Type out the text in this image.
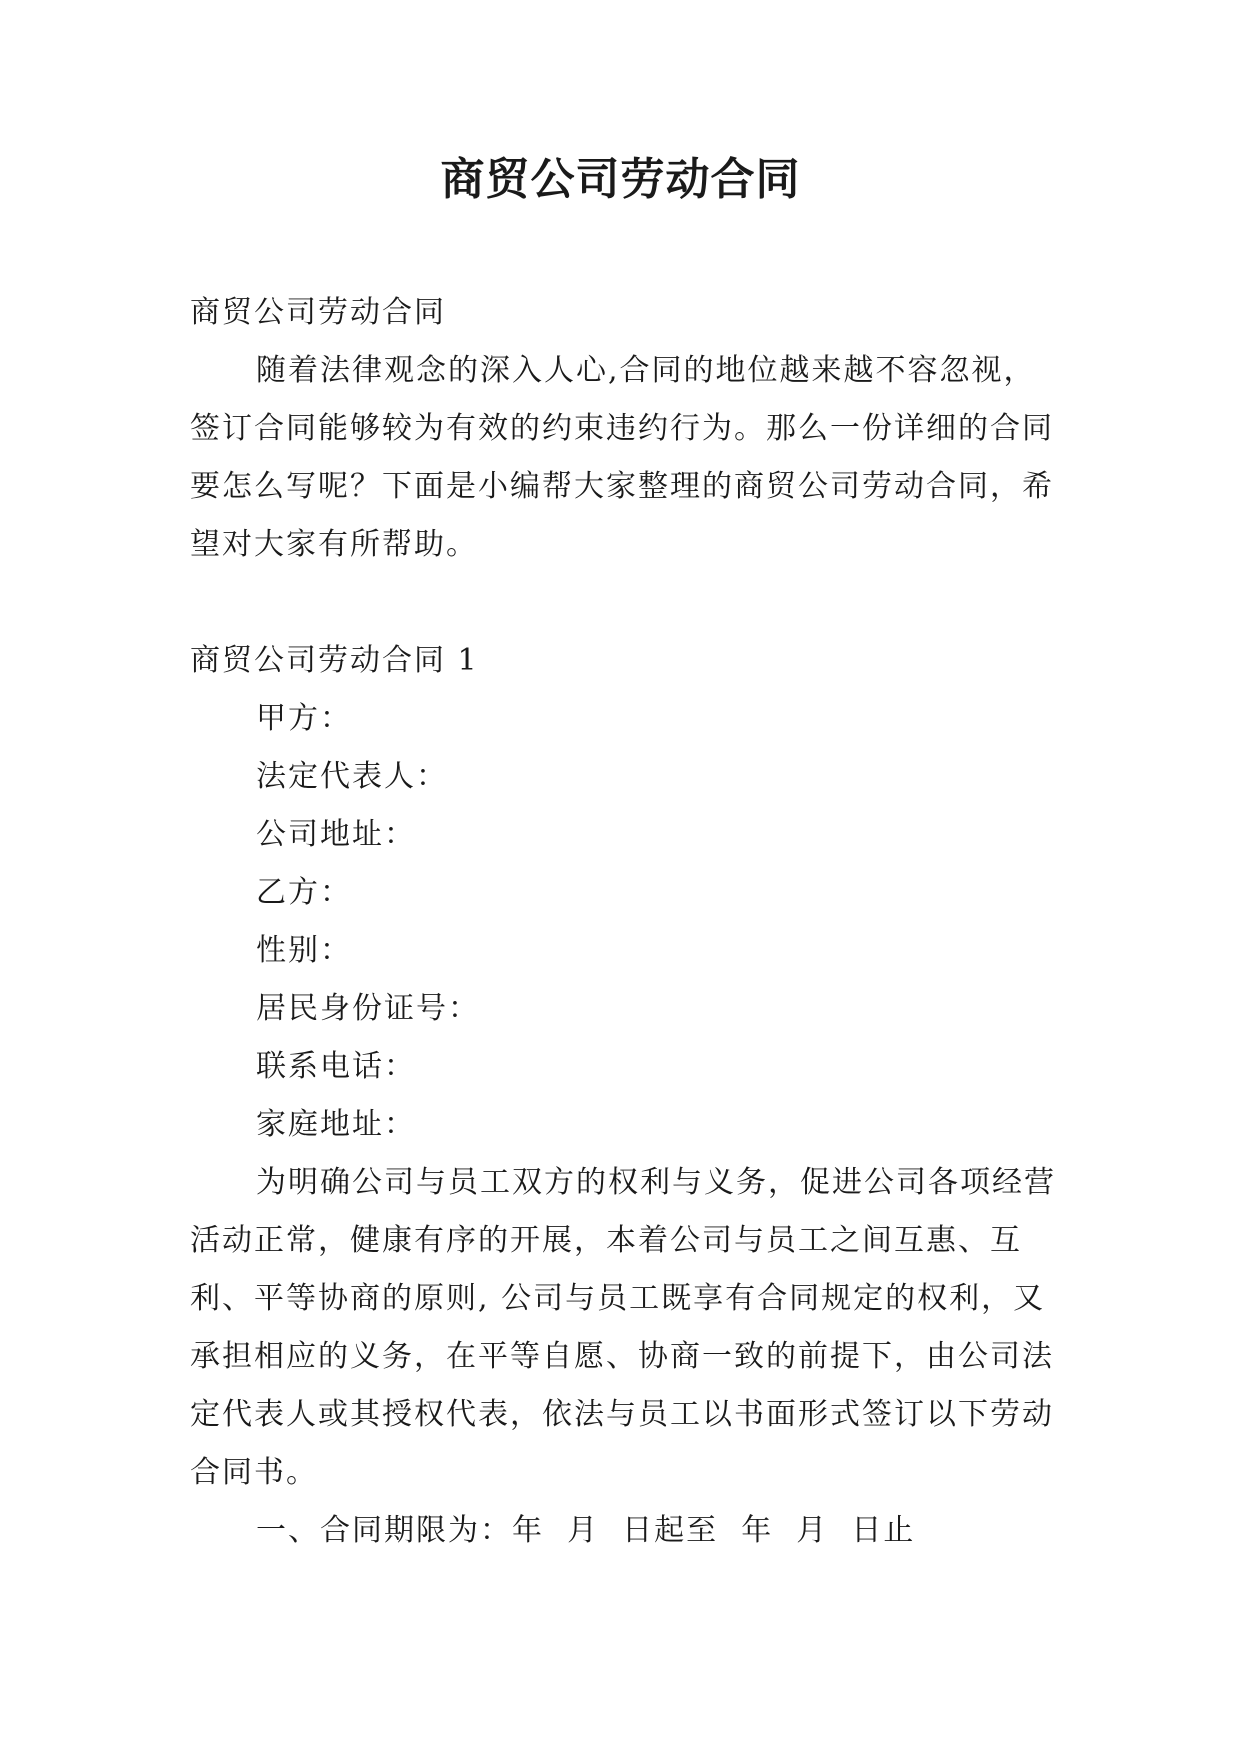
商贸公司劳动合同

商贸公司劳动合同

随着法律观念的深入人心,合同的地位越来越不容忽视，签订合同能够较为有效的约束违约行为。那么一份详细的合同要怎么写呢？下面是小编帮大家整理的商贸公司劳动合同，希望对大家有所帮助。

商贸公司劳动合同 1

甲方：

法定代表人：

公司地址：

乙方：

性别：

居民身份证号：

联系电话：

家庭地址：

为明确公司与员工双方的权利与义务，促进公司各项经营活动正常，健康有序的开展，本着公司与员工之间互惠、互利、平等协商的原则, 公司与员工既享有合同规定的权利，又承担相应的义务，在平等自愿、协商一致的前提下，由公司法定代表人或其授权代表，依法与员工以书面形式签订以下劳动合同书。

一、合同期限为：年  月  日起至  年  月  日止
